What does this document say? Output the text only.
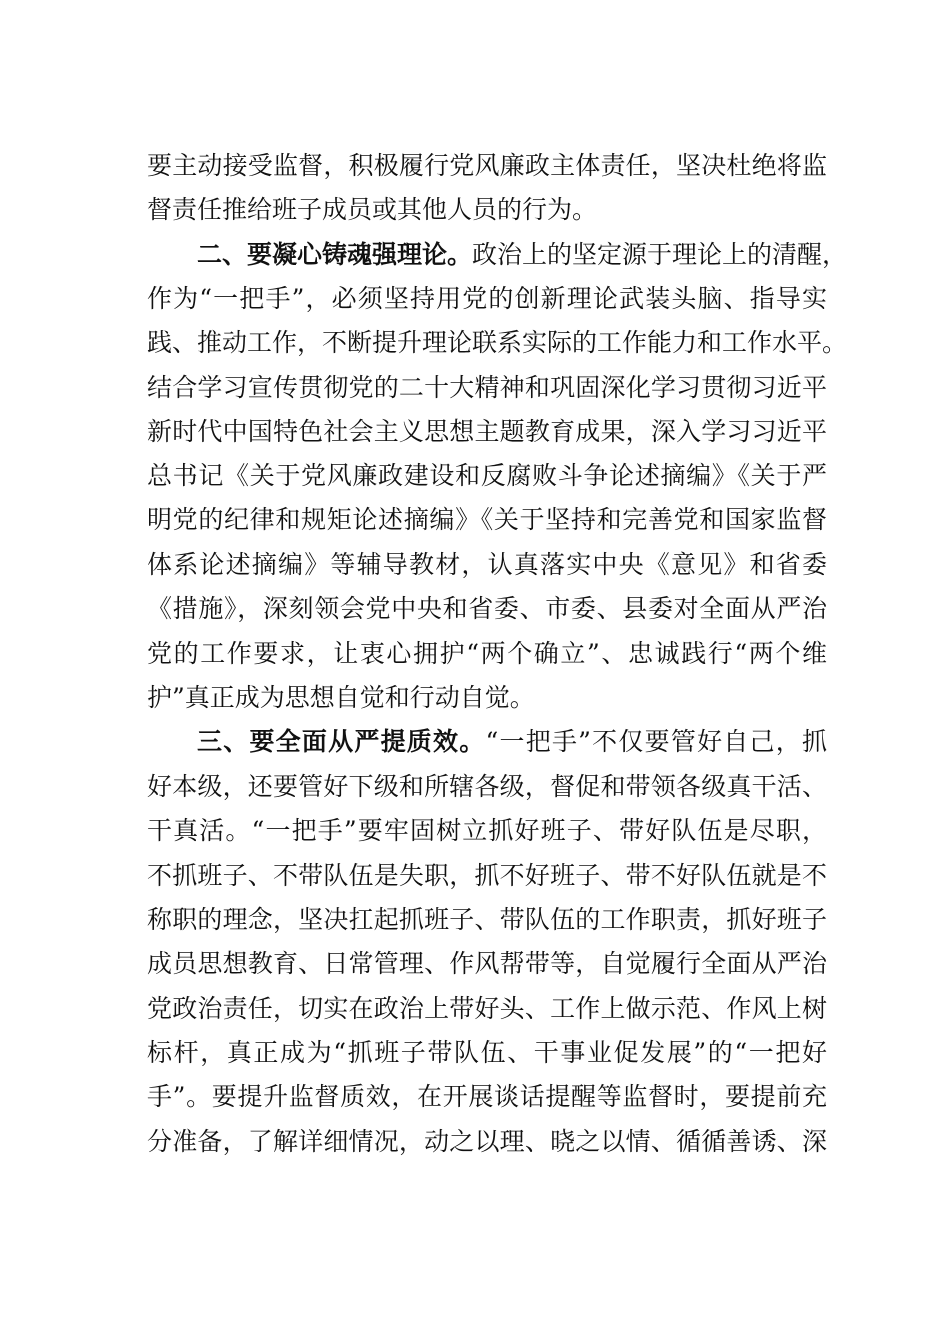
要主动接受监督，积极履行党风廉政主体责任，坚决杜绝将监
督责任推给班子成员或其他人员的行为。
二、要凝心铸魂强理论。政治上的坚定源于理论上的清醒，
作为“一把手”，必须坚持用党的创新理论武装头脑、指导实
践、推动工作，不断提升理论联系实际的工作能力和工作水平。
结合学习宣传贯彻党的二十大精神和巩固深化学习贯彻习近平
新时代中国特色社会主义思想主题教育成果，深入学习习近平
总书记《关于党风廉政建设和反腐败斗争论述摘编》《关于严
明党的纪律和规矩论述摘编》《关于坚持和完善党和国家监督
体系论述摘编》等辅导教材，认真落实中央《意见》和省委
《措施》，深刻领会党中央和省委、市委、县委对全面从严治
党的工作要求，让衷心拥护“两个确立”、忠诚践行“两个维
护”真正成为思想自觉和行动自觉。
三、要全面从严提质效。“一把手”不仅要管好自己，抓
好本级，还要管好下级和所辖各级，督促和带领各级真干活、
干真活。“一把手”要牢固树立抓好班子、带好队伍是尽职，
不抓班子、不带队伍是失职，抓不好班子、带不好队伍就是不
称职的理念，坚决扛起抓班子、带队伍的工作职责，抓好班子
成员思想教育、日常管理、作风帮带等，自觉履行全面从严治
党政治责任，切实在政治上带好头、工作上做示范、作风上树
标杆，真正成为“抓班子带队伍、干事业促发展”的“一把好
手”。要提升监督质效，在开展谈话提醒等监督时，要提前充
分准备，了解详细情况，动之以理、晓之以情、循循善诱、深
